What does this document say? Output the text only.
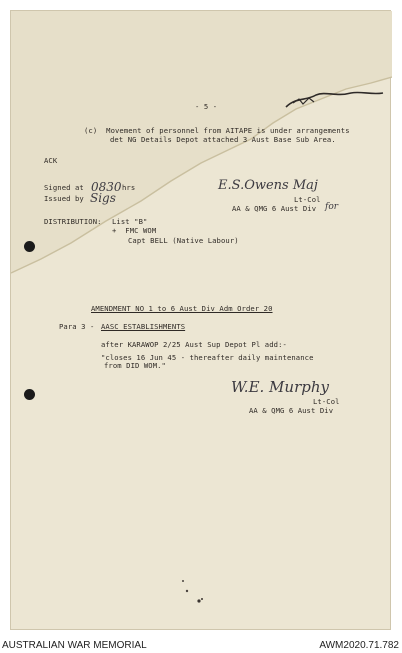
- 5 -
(c)  Movement of personnel from AITAPE is under arrangements
det NG Details Depot attached 3 Aust Base Sub Area.
ACK
Signed at 0830 hrs
Issued by Sigs
E.S.Owens Maj
Lt-Col
AA & QMG 6 Aust Div for
DISTRIBUTION: List "B"
+  FMC WOM
Capt BELL (Native Labour)
AMENDMENT NO 1 to 6 Aust Div Adm Order 20
Para 3 - AASC ESTABLISHMENTS
after KARAWOP 2/25 Aust Sup Depot Pl add:-
"closes 16 Jun 45 - thereafter daily maintenance
from DID WOM."
W.E. Murphy
Lt-Col
AA & QMG 6 Aust Div
AUSTRALIAN WAR MEMORIAL	AWM2020.71.782
